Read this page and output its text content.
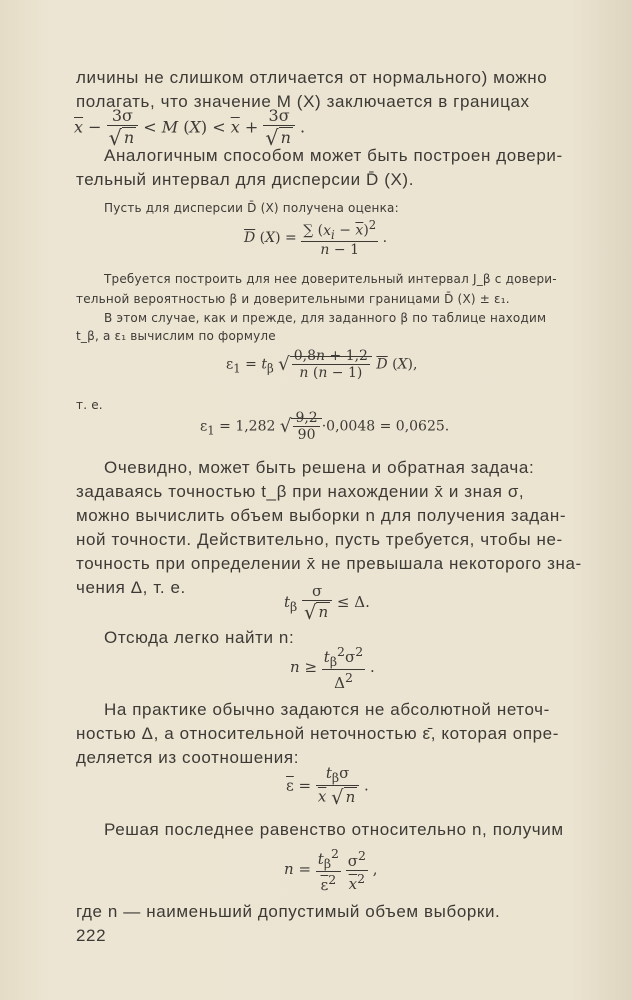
личины не слишком отличается от нормального) можно
полагать, что значение M (X) заключается в границах
$\overline{x} - \frac{3\sigma}{√ n} < M$ $(X) < \overline{x} + \frac{3\sigma}{√ n}$ .
Аналогичным способом может быть построен довери-
тельный интервал для дисперсии D̄ (X).
Пусть для дисперсии D̄ (X) получена оценка:
$\overline{D}$ $(X) = \frac{\sum (x_i - \overline{x})^2}{n - 1}$ .
Требуется построить для нее доверительный интервал J_β с довери-
тельной вероятностью β и доверительными границами D̄ (X) ± ε₁.
В этом случае, как и прежде, для заданного β по таблице находим
t_β, а ε₁ вычислим по формуле
$\varepsilon_1 = t_\beta$ √ $\frac{0,8n + 1,2}{n (n - 1)} \overline{D}$ (X),
т. е.
$\varepsilon_1 = 1,282$ √ $\frac{9,2}{90} \cdot 0,0048 = 0,0625$.
Очевидно, может быть решена и обратная задача:
задаваясь точностью t_β при нахождении x̄ и зная σ,
можно вычислить объем выборки n для получения задан-
ной точности. Действительно, пусть требуется, чтобы не-
точность при определении x̄ не превышала некоторого зна-
чения Δ, т. е.
$t_\beta \frac{\sigma}{√ n} \le \Delta$.
Отсюда легко найти n:
$n \ge \frac{t_\beta^2\sigma^2}{\Delta^2}$ .
На практике обычно задаются не абсолютной неточ-
ностью Δ, а относительной неточностью ε̄, которая опре-
деляется из соотношения:
$\overline{\varepsilon} = \frac{t_\beta\sigma}{\overline{x} √ n}$ .
Решая последнее равенство относительно n, получим
$n = \frac{t_\beta^2}{\overline{\varepsilon}^2}$
$\frac{\sigma^2}{\overline{x}^2}$ ,
где n — наименьший допустимый объем выборки.
222
